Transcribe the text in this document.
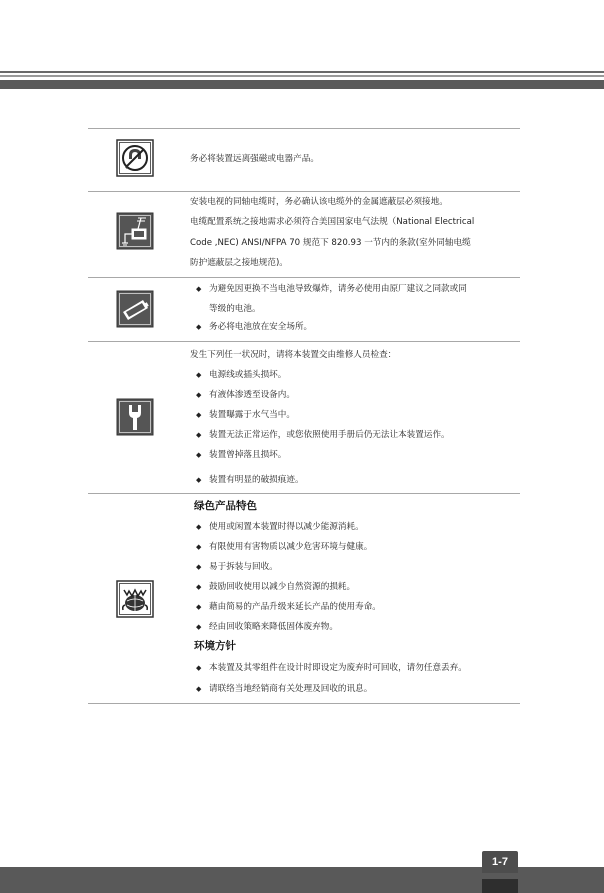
务必将装置远离强磁或电器产品。
安装电视的同轴电缆时，务必确认该电缆外的金属遮蔽层必须接地。
电缆配置系统之接地需求必须符合美国国家电气法规（National Electrical
Code ,NEC) ANSI/NFPA 70 规范下 820.93 一节内的条款(室外同轴电缆
防护遮蔽层之接地规范)。
◆ 为避免因更换不当电池导致爆炸，请务必使用由原厂建议之同款或同
等级的电池。
◆ 务必将电池放在安全场所。
发生下列任一状况时，请将本装置交由维修人员检查：
◆ 电源线或插头损坏。
◆ 有液体渗透至设备内。
◆ 装置曝露于水气当中。
◆ 装置无法正常运作，或您依照使用手册后仍无法让本装置运作。
◆ 装置曾掉落且损坏。
◆ 装置有明显的破损痕迹。
绿色产品特色
◆ 使用或闲置本装置时得以减少能源消耗。
◆ 有限使用有害物质以减少危害环境与健康。
◆ 易于拆装与回收。
◆ 鼓励回收使用以减少自然资源的损耗。
◆ 藉由简易的产品升级来延长产品的使用寿命。
◆ 经由回收策略来降低固体废弃物。
环境方针
◆ 本装置及其零组件在设计时即设定为废弃时可回收，请勿任意丢弃。
◆ 请联络当地经销商有关处理及回收的讯息。
1-7
